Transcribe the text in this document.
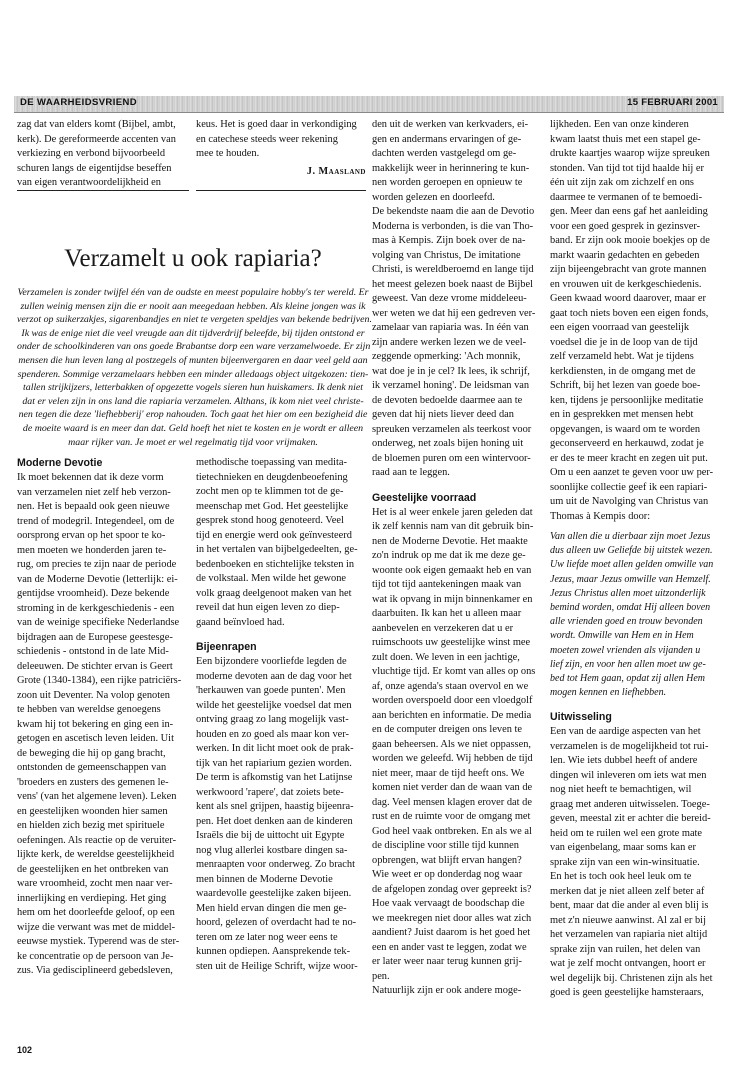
DE WAARHEIDSVRIEND	15 FEBRUARI 2001
zag dat van elders komt (Bijbel, ambt,
kerk). De gereformeerde accenten van
verkiezing en verbond bijvoorbeeld
schuren langs de eigentijdse beseffen
van eigen verantwoordelijkheid en
keus. Het is goed daar in verkondiging
en catechese steeds weer rekening
mee te houden.
J. Maasland
Verzamelt u ook rapiaria?
Verzamelen is zonder twijfel één van de oudste en meest populaire hobby's ter wereld. Er
zullen weinig mensen zijn die er nooit aan meegedaan hebben. Als kleine jongen was ik
verzot op suikerzakjes, sigarenbandjes en niet te vergeten speldjes van bekende bedrijven.
Ik was de enige niet die veel vreugde aan dit tijdverdrijf beleefde, bij tijden ontstond er
onder de schoolkinderen van ons goede Brabantse dorp een ware verzamelwoede. Er zijn
mensen die hun leven lang al postzegels of munten bijeenvergaren en daar veel geld aan
spenderen. Sommige verzamelaars hebben een minder alledaags object uitgekozen: tien-
tallen strijkijzers, letterbakken of opgezette vogels sieren hun huiskamers. Ik denk niet
dat er velen zijn in ons land die rapiaria verzamelen. Althans, ik kom niet veel christe-
nen tegen die deze 'liefhebberij' erop nahouden. Toch gaat het hier om een bezigheid die
de moeite waard is en meer dan dat. Geld hoeft het niet te kosten en je wordt er alleen
maar rijker van. Je moet er wel regelmatig tijd voor vrijmaken.
Moderne Devotie
Ik moet bekennen dat ik deze vorm
van verzamelen niet zelf heb verzon-
nen. Het is bepaald ook geen nieuwe
trend of modegril. Integendeel, om de
oorsprong ervan op het spoor te ko-
men moeten we honderden jaren te-
rug, om precies te zijn naar de periode
van de Moderne Devotie (letterlijk: ei-
gentijdse vroomheid). Deze bekende
stroming in de kerkgeschiedenis - een
van de weinige specifieke Nederlandse
bijdragen aan de Europese geestesge-
schiedenis - ontstond in de late Mid-
deleeuwen. De stichter ervan is Geert
Grote (1340-1384), een rijke patriciërs-
zoon uit Deventer. Na volop genoten
te hebben van wereldse genoegens
kwam hij tot bekering en ging een in-
getogen en ascetisch leven leiden. Uit
de beweging die hij op gang bracht,
ontstonden de gemeenschappen van
'broeders en zusters des gemenen le-
vens' (van het algemene leven). Leken
en geestelijken woonden hier samen
en hielden zich bezig met spirituele
oefeningen. Als reactie op de veruiter-
lijkte kerk, de wereldse geestelijkheid
de geestelijken en het ontbreken van
ware vroomheid, zocht men naar ver-
innerlijking en verdieping. Het ging
hem om het doorleefde geloof, op een
wijze die verwant was met de middel-
eeuwse mystiek. Typerend was de ster-
ke concentratie op de persoon van Je-
zus. Via gedisciplineerd gebedsleven,
methodische toepassing van medita-
tietechnieken en deugdenbeoefening
zocht men op te klimmen tot de ge-
meenschap met God. Het geestelijke
gesprek stond hoog genoteerd. Veel
tijd en energie werd ook geïnvesteerd
in het vertalen van bijbelgedeelten, ge-
bedenboeken en stichtelijke teksten in
de volkstaal. Men wilde het gewone
volk graag deelgenoot maken van het
reveil dat hun eigen leven zo diep-
gaand beïnvloed had.
Bijeenrapen
Een bijzondere voorliefde legden de
moderne devoten aan de dag voor het
'herkauwen van goede punten'. Men
wilde het geestelijke voedsel dat men
ontving graag zo lang mogelijk vast-
houden en zo goed als maar kon ver-
werken. In dit licht moet ook de prak-
tijk van het rapiarium gezien worden.
De term is afkomstig van het Latijnse
werkwoord 'rapere', dat zoiets bete-
kent als snel grijpen, haastig bijeenra-
pen. Het doet denken aan de kinderen
Israëls die bij de uittocht uit Egypte
nog vlug allerlei kostbare dingen sa-
menraapten voor onderweg. Zo bracht
men binnen de Moderne Devotie
waardevolle geestelijke zaken bijeen.
Men hield ervan dingen die men ge-
hoord, gelezen of overdacht had te no-
teren om ze later nog weer eens te
kunnen opdiepen. Aansprekende tek-
sten uit de Heilige Schrift, wijze woor-
den uit de werken van kerkvaders, ei-
gen en andermans ervaringen of ge-
dachten werden vastgelegd om ge-
makkelijk weer in herinnering te kun-
nen worden geroepen en opnieuw te
worden gelezen en doorleefd.
De bekendste naam die aan de Devotio
Moderna is verbonden, is die van Tho-
mas à Kempis. Zijn boek over de na-
volging van Christus, De imitatione
Christi, is wereldberoemd en lange tijd
het meest gelezen boek naast de Bijbel
geweest. Van deze vrome middeleeu-
wer weten we dat hij een gedreven ver-
zamelaar van rapiaria was. In één van
zijn andere werken lezen we de veel-
zeggende opmerking: 'Ach monnik,
wat doe je in je cel? Ik lees, ik schrijf,
ik verzamel honing'. De leidsman van
de devoten bedoelde daarmee aan te
geven dat hij niets liever deed dan
spreuken verzamelen als teerkost voor
onderweg, net zoals bijen honing uit
de bloemen puren om een wintervoor-
raad aan te leggen.
Geestelijke voorraad
Het is al weer enkele jaren geleden dat
ik zelf kennis nam van dit gebruik bin-
nen de Moderne Devotie. Het maakte
zo'n indruk op me dat ik me deze ge-
woonte ook eigen gemaakt heb en van
tijd tot tijd aantekeningen maak van
wat ik opvang in mijn binnenkamer en
daarbuiten. Ik kan het u alleen maar
aanbevelen en verzekeren dat u er
ruimschoots uw geestelijke winst mee
zult doen. We leven in een jachtige,
vluchtige tijd. Er komt van alles op ons
af, onze agenda's staan overvol en we
worden overspoeld door een vloedgolf
aan berichten en informatie. De media
en de computer dreigen ons leven te
gaan beheersen. Als we niet oppassen,
worden we geleefd. Wij hebben de tijd
niet meer, maar de tijd heeft ons. We
komen niet verder dan de waan van de
dag. Veel mensen klagen erover dat de
rust en de ruimte voor de omgang met
God heel vaak ontbreken. En als we al
de discipline voor stille tijd kunnen
opbrengen, wat blijft ervan hangen?
Wie weet er op donderdag nog waar
de afgelopen zondag over gepreekt is?
Hoe vaak vervaagt de boodschap die
we meekregen niet door alles wat zich
aandient? Juist daarom is het goed het
een en ander vast te leggen, zodat we
er later weer naar terug kunnen grij-
pen.
Natuurlijk zijn er ook andere moge-
lijkheden. Een van onze kinderen
kwam laatst thuis met een stapel ge-
drukte kaartjes waarop wijze spreuken
stonden. Van tijd tot tijd haalde hij er
één uit zijn zak om zichzelf en ons
daarmee te vermanen of te bemoedi-
gen. Meer dan eens gaf het aanleiding
voor een goed gesprek in gezinsver-
band. Er zijn ook mooie boekjes op de
markt waarin gedachten en gebeden
zijn bijeengebracht van grote mannen
en vrouwen uit de kerkgeschiedenis.
Geen kwaad woord daarover, maar er
gaat toch niets boven een eigen fonds,
een eigen voorraad van geestelijk
voedsel die je in de loop van de tijd
zelf verzameld hebt. Wat je tijdens
kerkdiensten, in de omgang met de
Schrift, bij het lezen van goede boe-
ken, tijdens je persoonlijke meditatie
en in gesprekken met mensen hebt
opgevangen, is waard om te worden
geconserveerd en herkauwd, zodat je
er des te meer kracht en zegen uit put.
Om u een aanzet te geven voor uw per-
soonlijke collectie geef ik een rapiari-
um uit de Navolging van Christus van
Thomas à Kempis door:
Van allen die u dierbaar zijn moet Jezus
dus alleen uw Geliefde bij uitstek wezen.
Uw liefde moet allen gelden omwille van
Jezus, maar Jezus omwille van Hemzelf.
Jezus Christus allen moet uitzonderlijk
bemind worden, omdat Hij alleen boven
alle vrienden goed en trouw bevonden
wordt. Omwille van Hem en in Hem
moeten zowel vrienden als vijanden u
lief zijn, en voor hen allen moet uw ge-
bed tot Hem gaan, opdat zij allen Hem
mogen kennen en liefhebben.
Uitwisseling
Een van de aardige aspecten van het
verzamelen is de mogelijkheid tot rui-
len. Wie iets dubbel heeft of andere
dingen wil inleveren om iets wat men
nog niet heeft te bemachtigen, wil
graag met anderen uitwisselen. Toege-
geven, meestal zit er achter die bereid-
heid om te ruilen wel een grote mate
van eigenbelang, maar soms kan er
sprake zijn van een win-winsituatie.
En het is toch ook heel leuk om te
merken dat je niet alleen zelf beter af
bent, maar dat die ander al even blij is
met z'n nieuwe aanwinst. Al zal er bij
het verzamelen van rapiaria niet altijd
sprake zijn van ruilen, het delen van
wat je zelf mocht ontvangen, hoort er
wel degelijk bij. Christenen zijn als het
goed is geen geestelijke hamsteraars,
102
